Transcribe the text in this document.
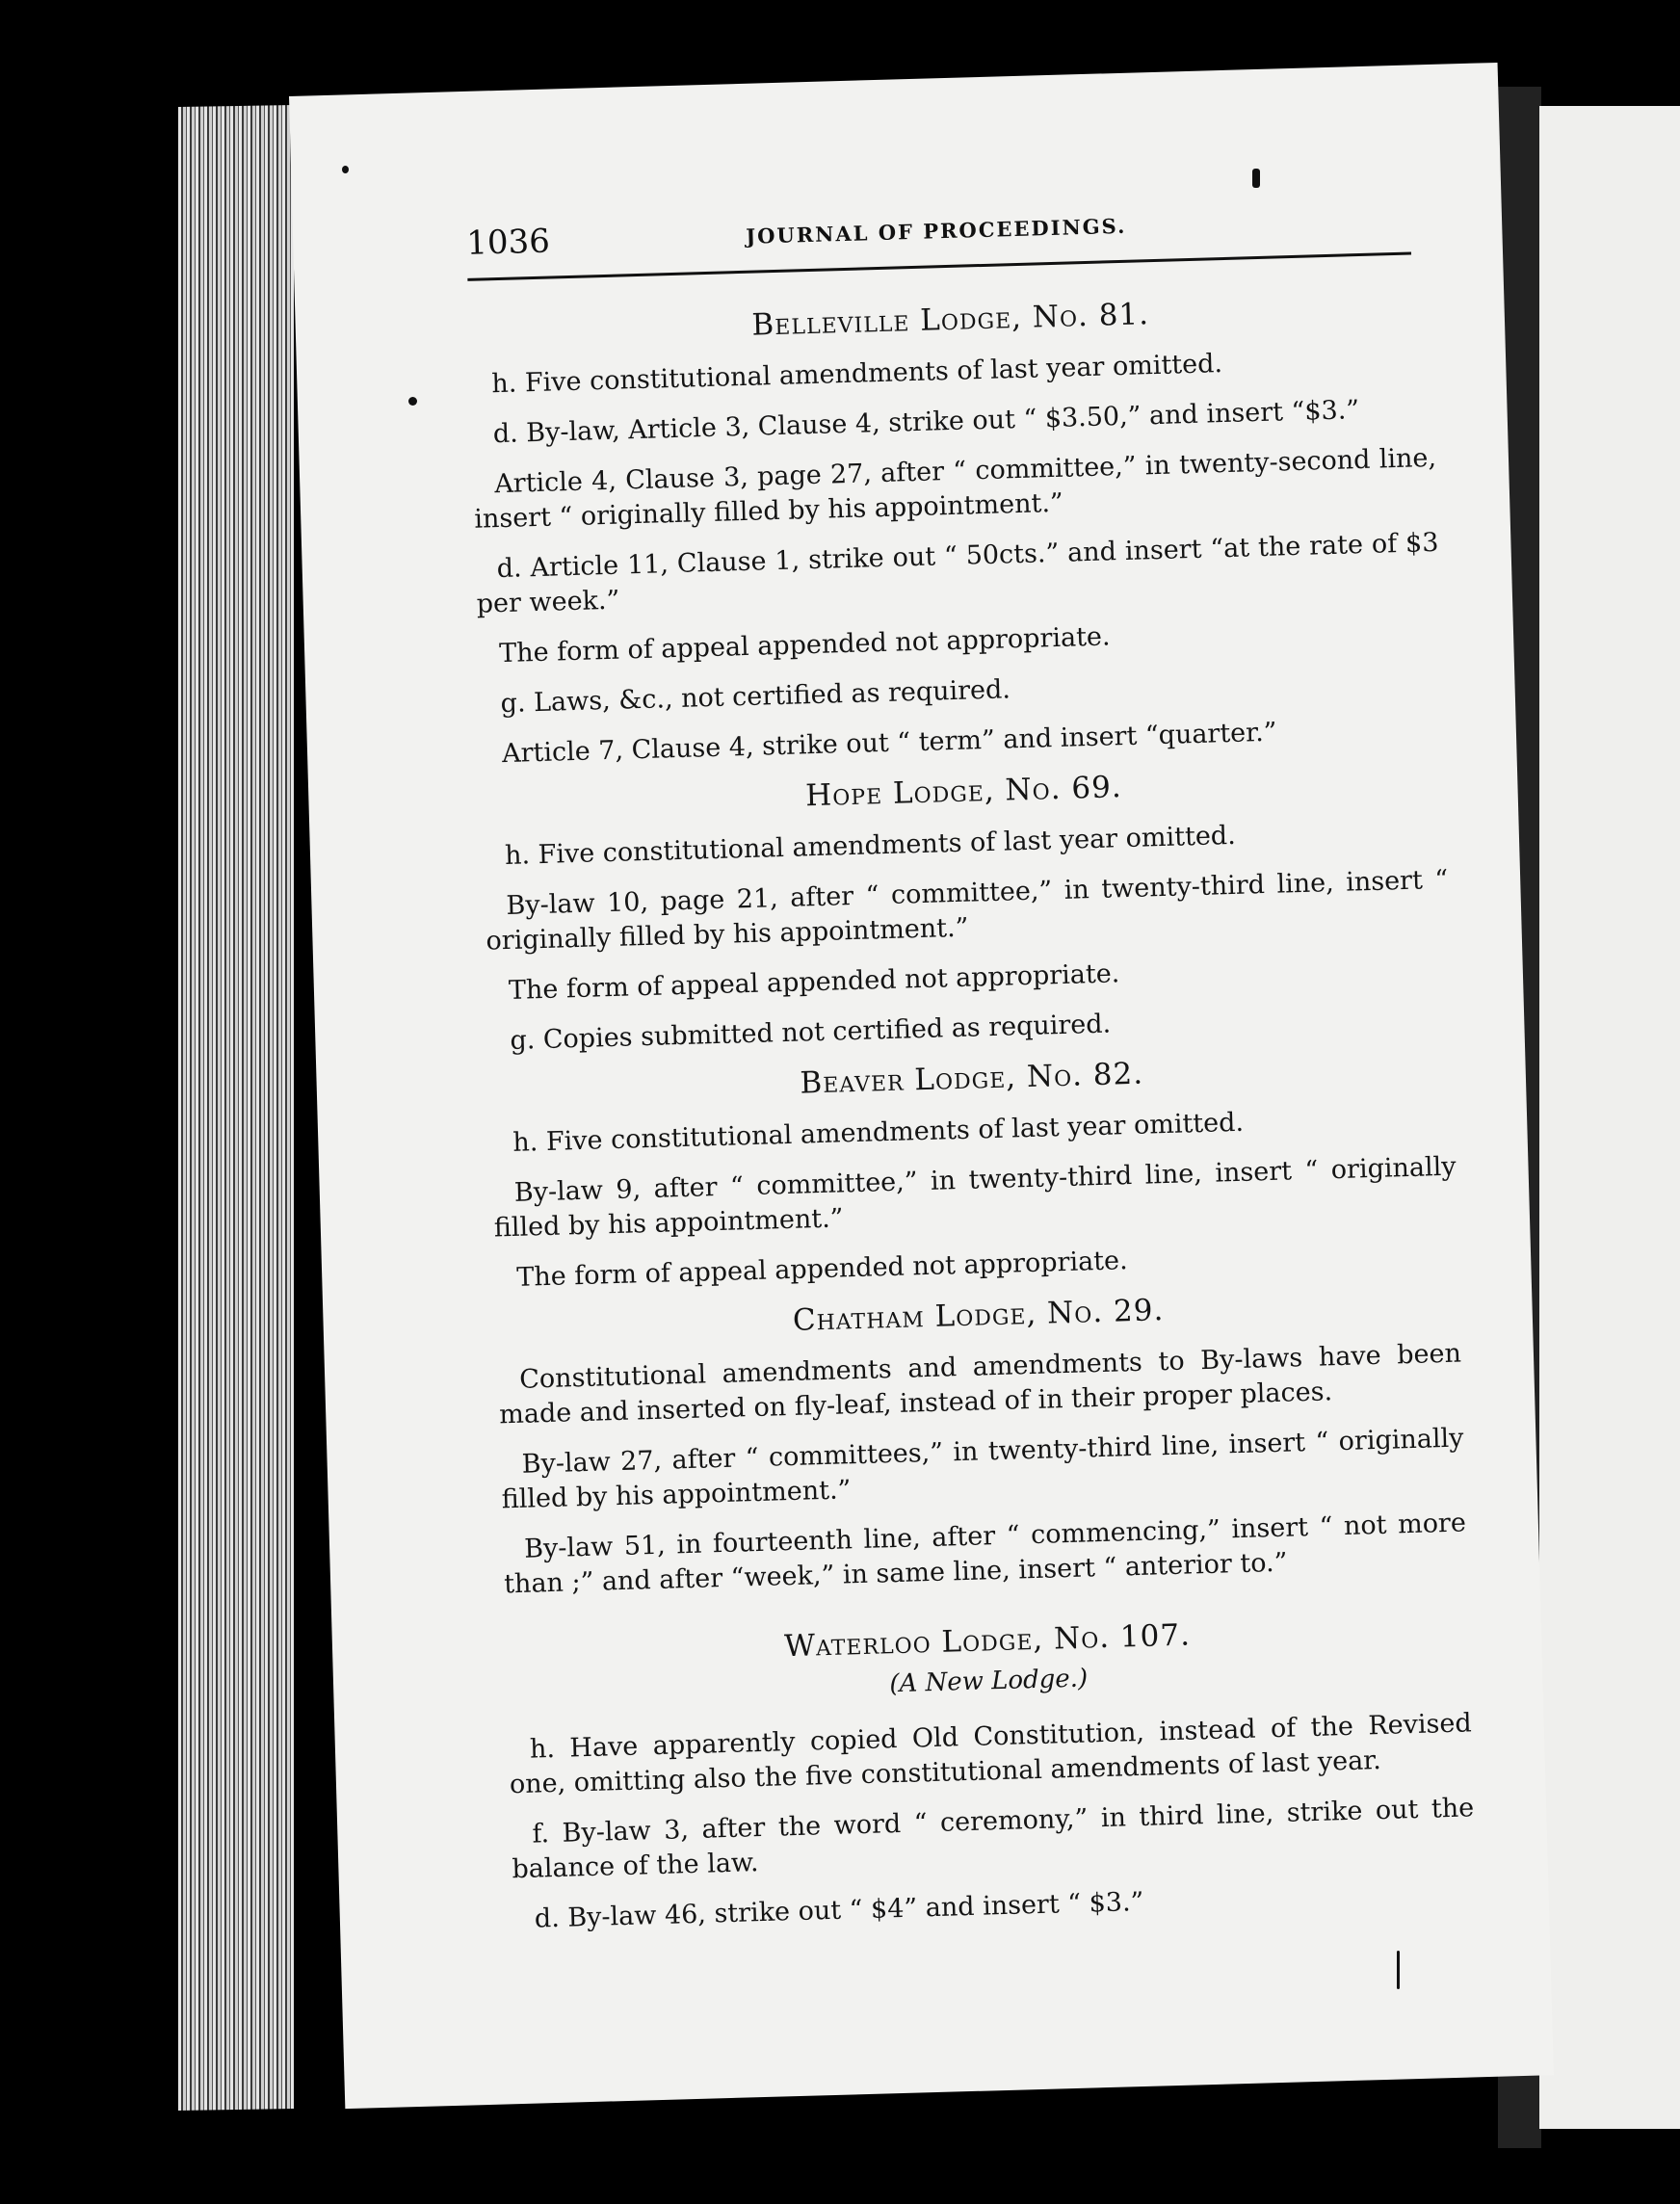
1036	JOURNAL OF PROCEEDINGS.
Belleville Lodge, No. 81.

h. Five constitutional amendments of last year omitted.

d. By-law, Article 3, Clause 4, strike out “ $3.50,” and insert “$3.”

Article 4, Clause 3, page 27, after “ committee,” in twenty-second line, insert “ originally filled by his appointment.”

d. Article 11, Clause 1, strike out “ 50cts.” and insert “at the rate of $3 per week.”

The form of appeal appended not appropriate.

g. Laws, &c., not certified as required.

Article 7, Clause 4, strike out “ term” and insert “quarter.”

Hope Lodge, No. 69.

h. Five constitutional amendments of last year omitted.

By-law 10, page 21, after “ committee,” in twenty-third line, insert “ originally filled by his appointment.”

The form of appeal appended not appropriate.

g. Copies submitted not certified as required.

Beaver Lodge, No. 82.

h. Five constitutional amendments of last year omitted.

By-law 9, after “ committee,” in twenty-third line, insert “ originally filled by his appointment.”

The form of appeal appended not appropriate.

Chatham Lodge, No. 29.

Constitutional amendments and amendments to By-laws have been made and inserted on fly-leaf, instead of in their proper places.

By-law 27, after “ committees,” in twenty-third line, insert “ originally filled by his appointment.”

By-law 51, in fourteenth line, after “ commencing,” insert “ not more than ;” and after “week,” in same line, insert “ anterior to.”

Waterloo Lodge, No. 107.
(A New Lodge.)

h. Have apparently copied Old Constitution, instead of the Revised one, omitting also the five constitutional amendments of last year.

f. By-law 3, after the word “ ceremony,” in third line, strike out the balance of the law.

d. By-law 46, strike out “ $4” and insert “ $3.”
